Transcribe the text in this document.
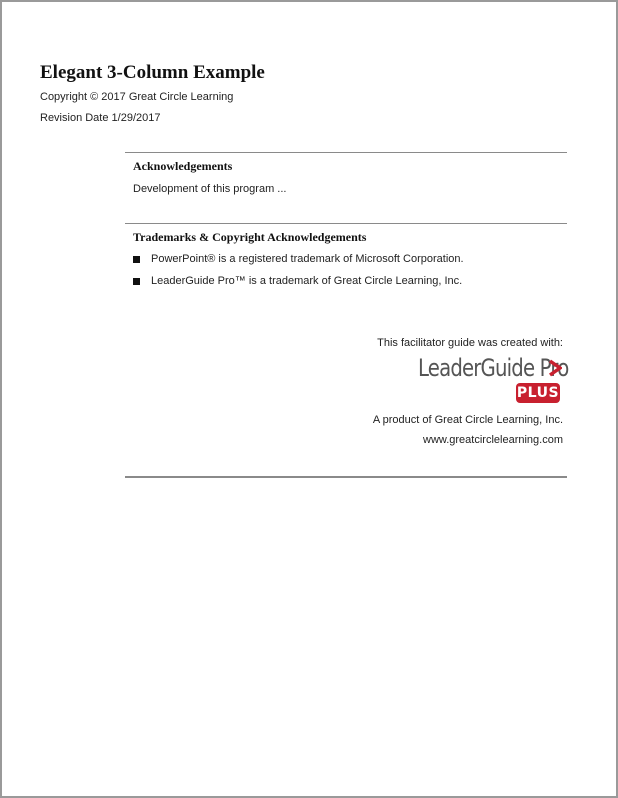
Elegant 3-Column Example
Copyright © 2017 Great Circle Learning
Revision Date 1/29/2017
Acknowledgements
Development of this program ...
Trademarks & Copyright Acknowledgements
PowerPoint® is a registered trademark of Microsoft Corporation.
LeaderGuide Pro™ is a trademark of Great Circle Learning, Inc.
This facilitator guide was created with:
LeaderGuide Pro
PLUS
A product of Great Circle Learning, Inc.
www.greatcirclelearning.com
